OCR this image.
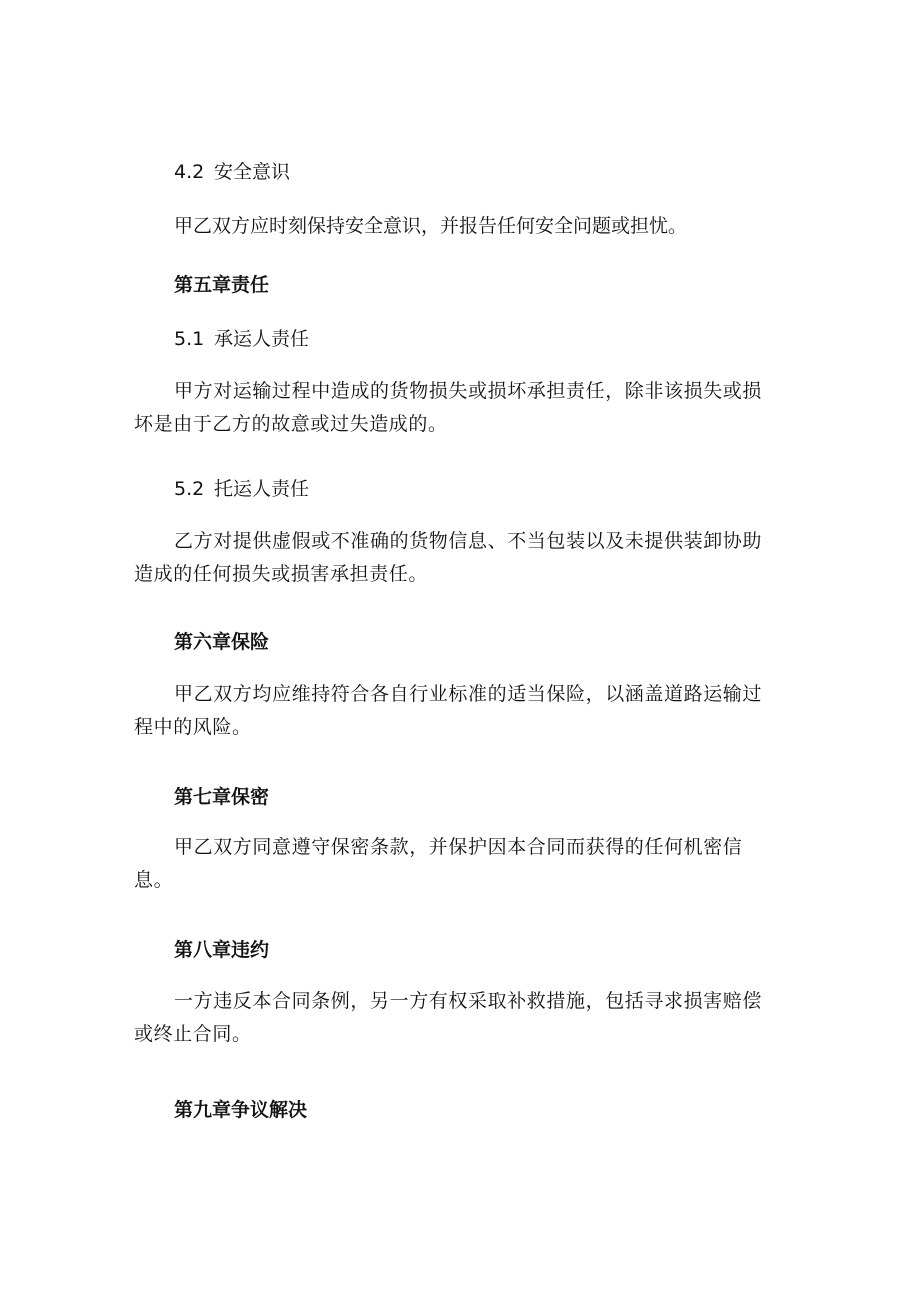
4.2 安全意识
甲乙双方应时刻保持安全意识，并报告任何安全问题或担忧。
第五章责任
5.1 承运人责任
甲方对运输过程中造成的货物损失或损坏承担责任，除非该损失或损坏是由于乙方的故意或过失造成的。
5.2 托运人责任
乙方对提供虚假或不准确的货物信息、不当包装以及未提供装卸协助造成的任何损失或损害承担责任。
第六章保险
甲乙双方均应维持符合各自行业标准的适当保险，以涵盖道路运输过程中的风险。
第七章保密
甲乙双方同意遵守保密条款，并保护因本合同而获得的任何机密信息。
第八章违约
一方违反本合同条例，另一方有权采取补救措施，包括寻求损害赔偿或终止合同。
第九章争议解决
